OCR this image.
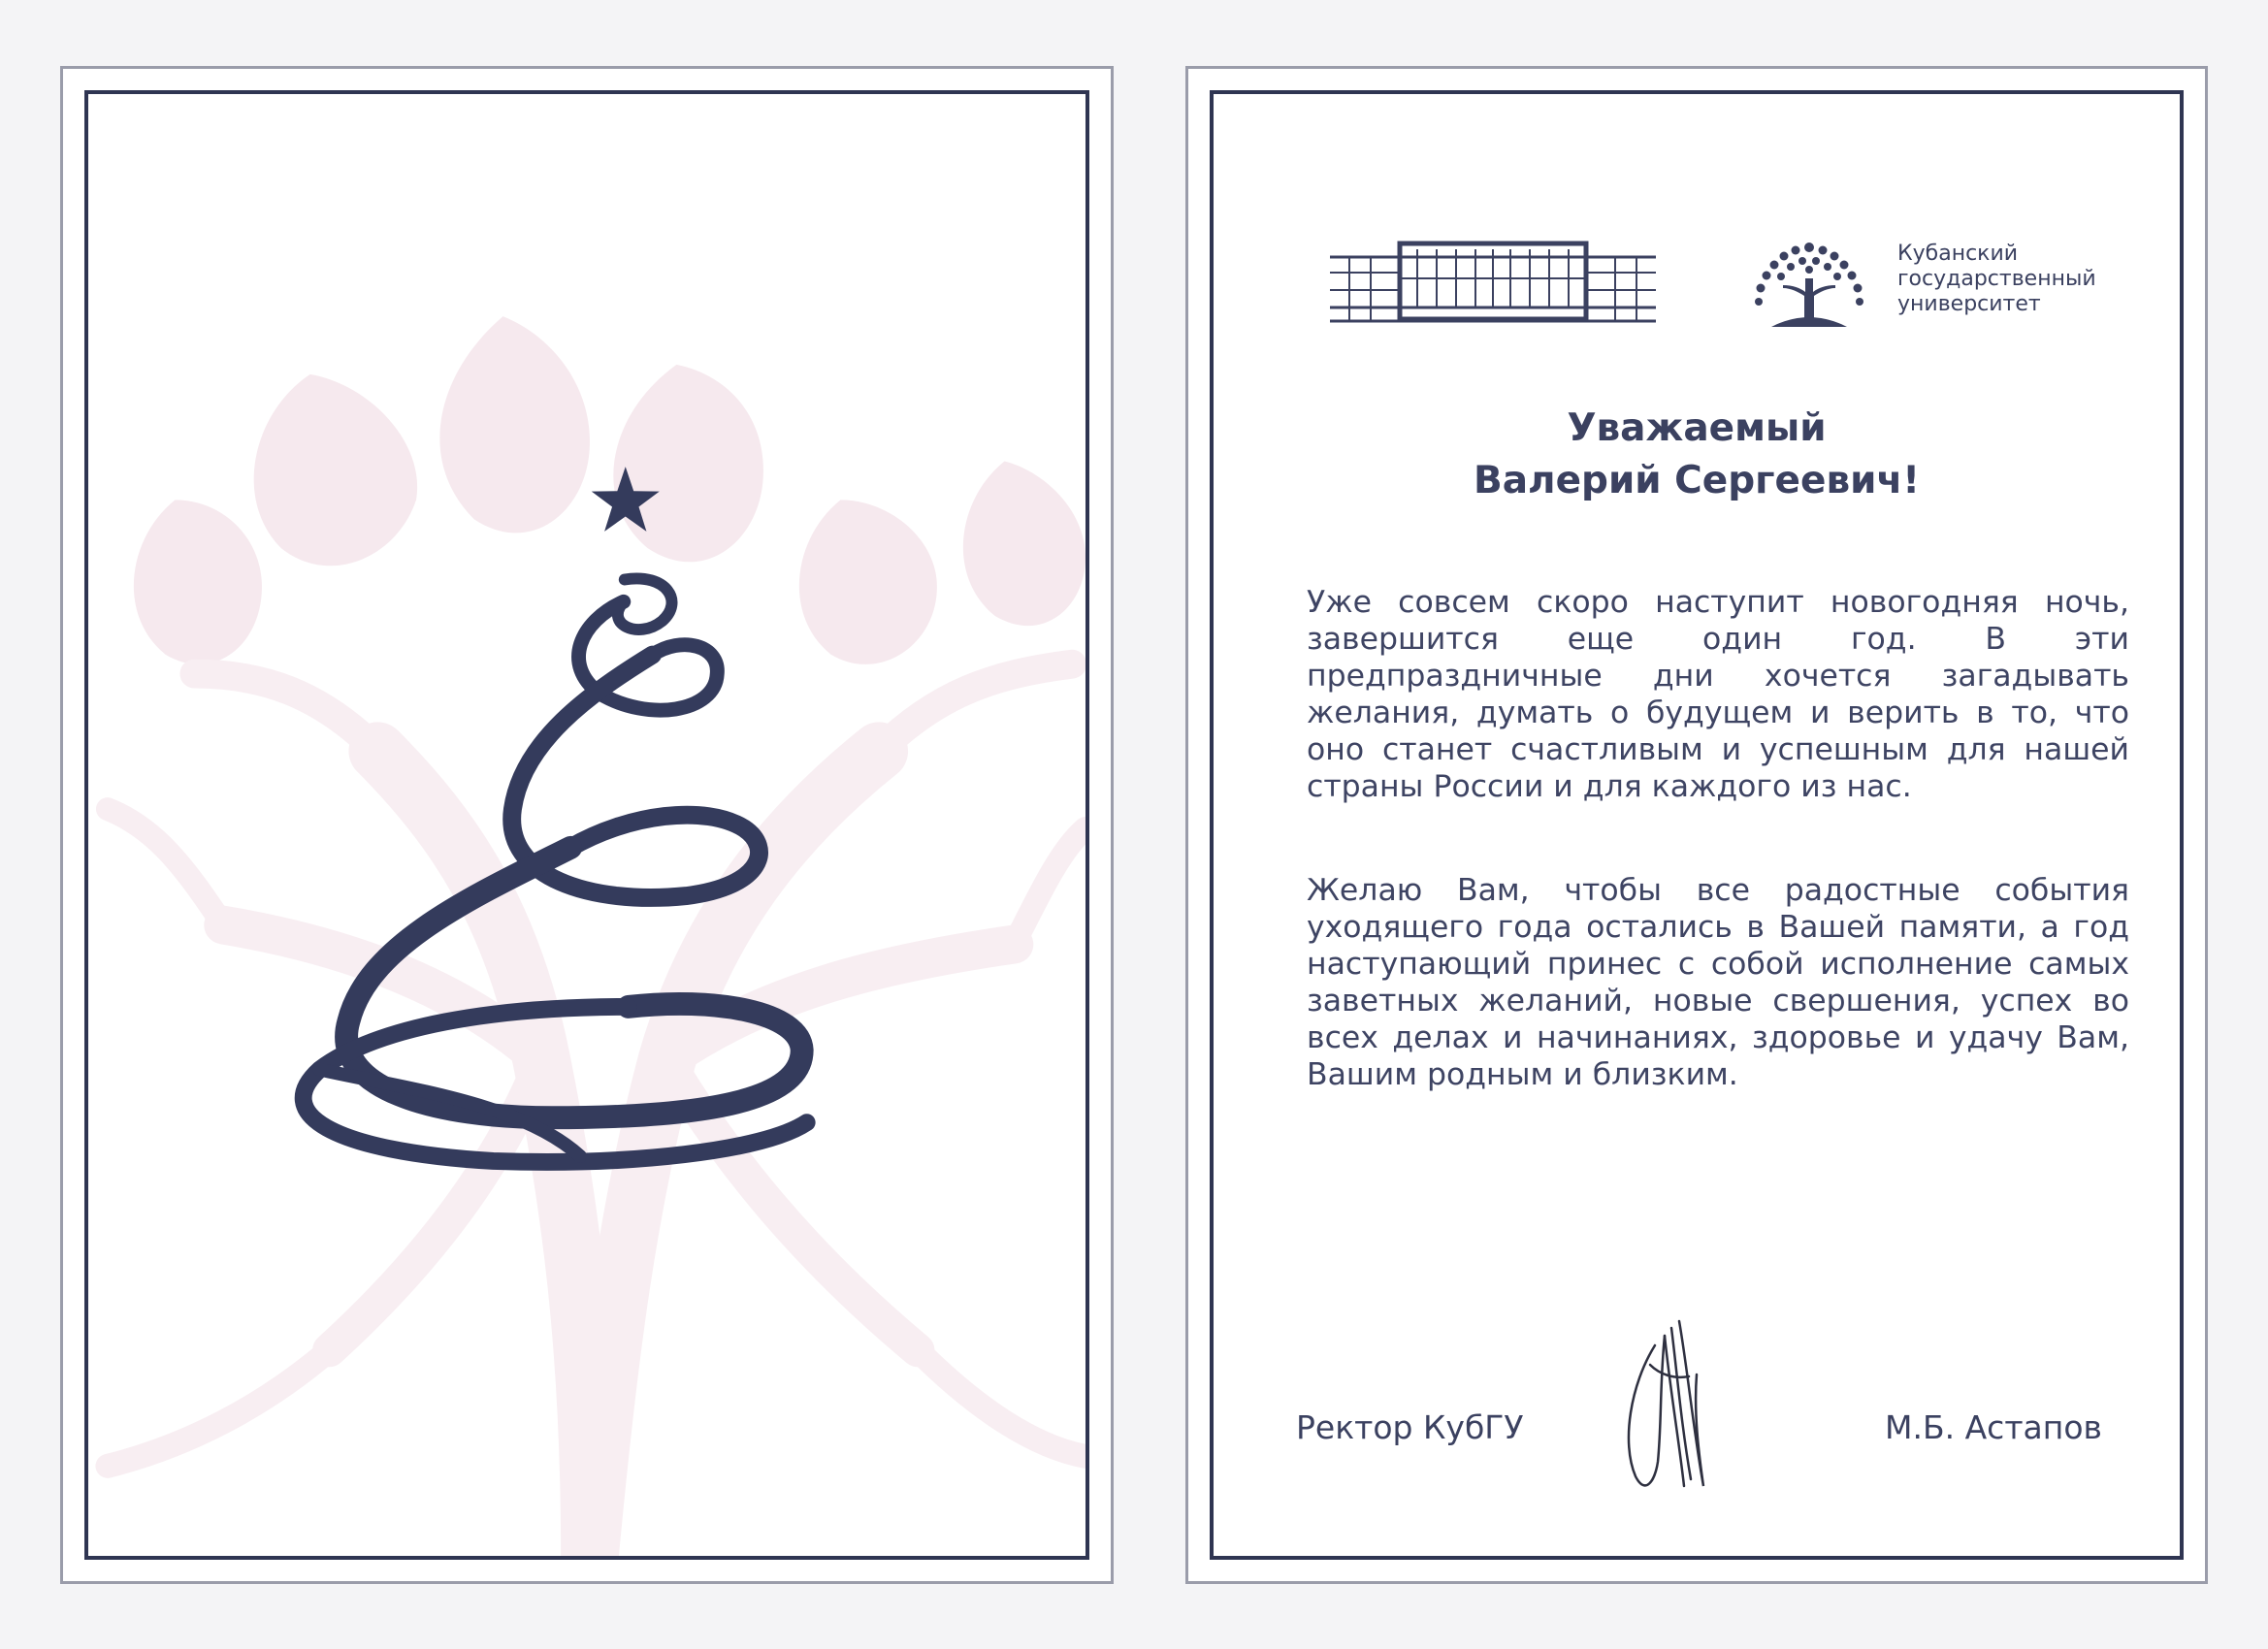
Кубанский
государственный
университет
Уважаемый
Валерий Сергеевич!

Уже совсем скоро наступит новогодняя ночь, завершится еще один год. В эти предпраздничные дни хочется загадывать желания, думать о будущем и верить в то, что оно станет счастливым и успешным для нашей страны России и для каждого из нас.

Желаю Вам, чтобы все радостные события уходящего года остались в Вашей памяти, а год наступающий принес с собой исполнение самых заветных желаний, новые свершения, успех во всех делах и начинаниях, здоровье и удачу Вам, Вашим родным и близким.

Ректор КубГУ	М.Б. Астапов
